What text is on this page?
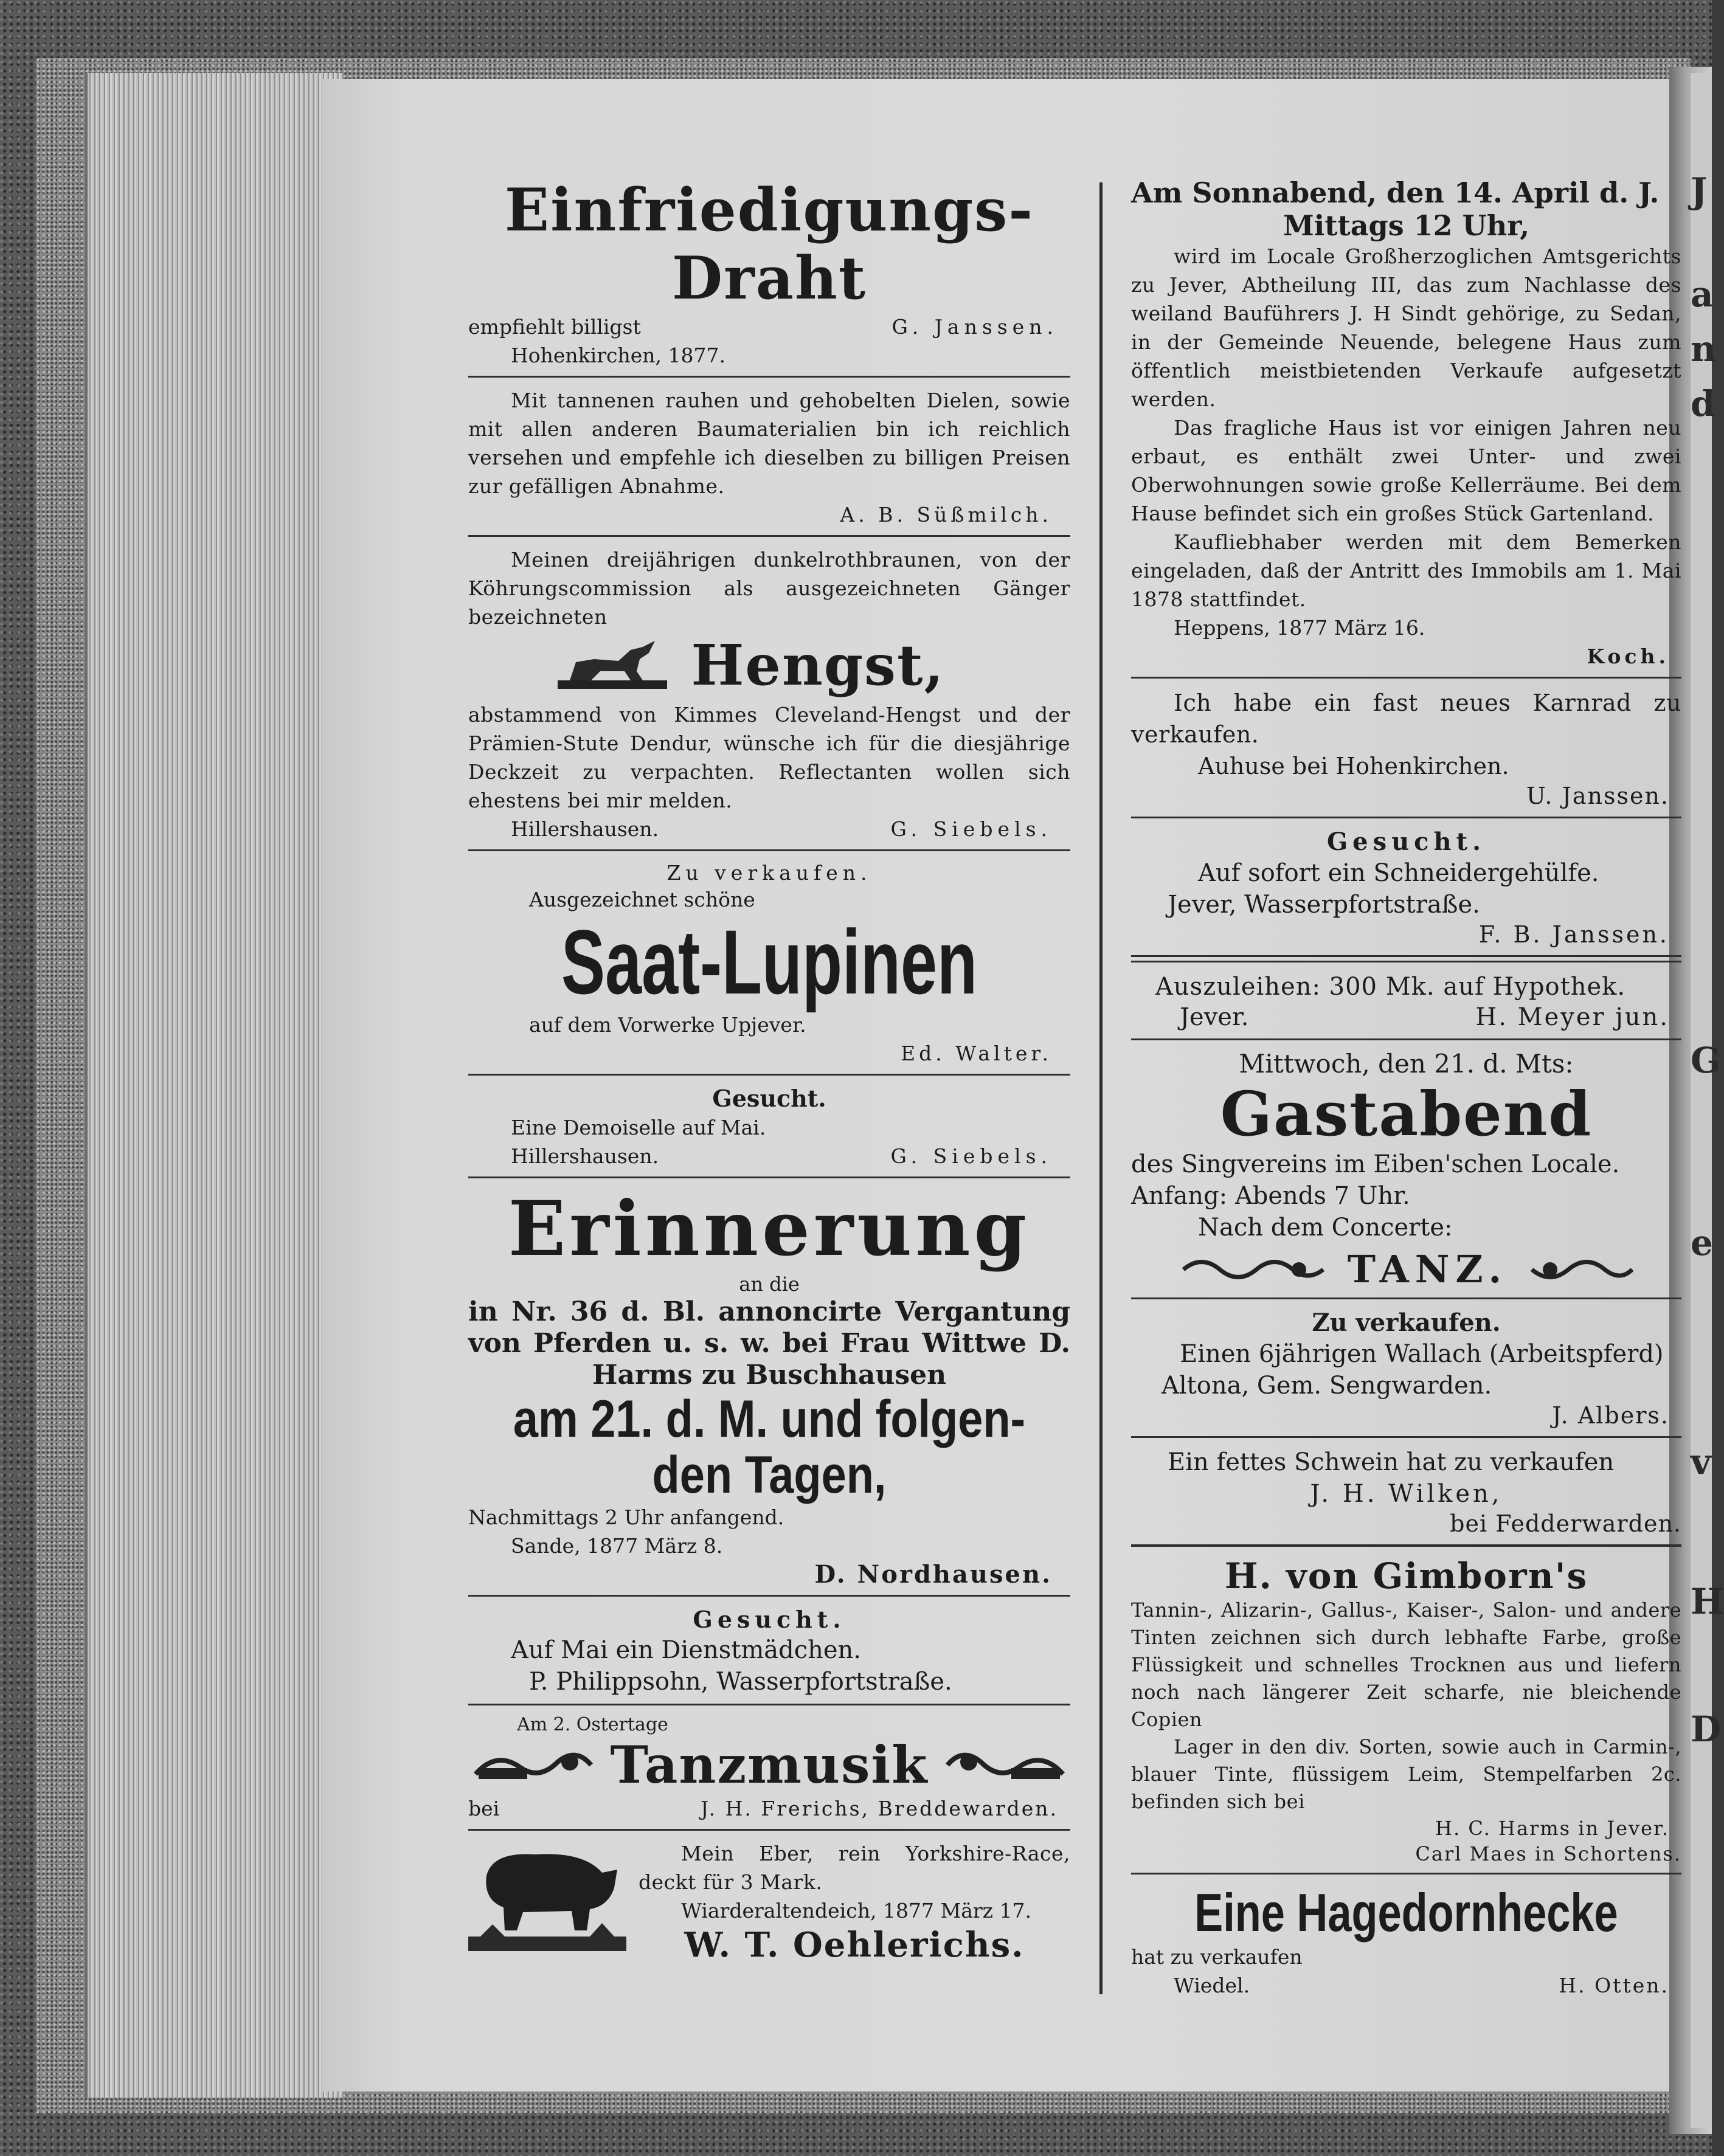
J
a
n
d
G
e
H
D
v
Einfriedigungs-
Draht
empfiehlt billigst	G. Janssen.
Hohenkirchen, 1877.
Mit tannenen rauhen und gehobelten Dielen, sowie mit allen anderen Baumaterialien bin ich reichlich versehen und empfehle ich dieselben zu billigen Preisen zur gefälligen Abnahme.
A. B. Süßmilch.
Meinen dreijährigen dunkelrothbraunen, von der Köhrungscommission als ausgezeichneten Gänger bezeichneten
Hengst,
abstammend von Kimmes Cleveland-Hengst und der Prämien-Stute Dendur, wünsche ich für die diesjährige Deckzeit zu verpachten. Reflectanten wollen sich ehestens bei mir melden.
Hillershausen.	G. Siebels.
Zu verkaufen.
Ausgezeichnet schöne
Saat-Lupinen
auf dem Vorwerke Upjever.
Ed. Walter.
Gesucht.
Eine Demoiselle auf Mai.
Hillershausen.	G. Siebels.
Erinnerung
an die
in Nr. 36 d. Bl. annoncirte Vergantung von Pferden u. s. w. bei Frau Wittwe D. Harms zu Buschhausen
am 21. d. M. und folgen-
den Tagen,
Nachmittags 2 Uhr anfangend.
Sande, 1877 März 8.
D. Nordhausen.
Gesucht.
Auf Mai ein Dienstmädchen.
P. Philippsohn, Wasserpfortstraße.
Am 2. Ostertage
Tanzmusik
bei	J. H. Frerichs, Breddewarden.
Mein Eber, rein Yorkshire-Race, deckt für 3 Mark.
Wiarderaltendeich, 1877 März 17.
W. T. Oehlerichs.
Am Sonnabend, den 14. April d. J.
Mittags 12 Uhr,
wird im Locale Großherzoglichen Amtsgerichts zu Jever, Abtheilung III, das zum Nachlasse des weiland Bauführers J. H Sindt gehörige, zu Sedan, in der Gemeinde Neuende, belegene Haus zum öffentlich meistbietenden Verkaufe aufgesetzt werden.
Das fragliche Haus ist vor einigen Jahren neu erbaut, es enthält zwei Unter- und zwei Oberwohnungen sowie große Kellerräume. Bei dem Hause befindet sich ein großes Stück Gartenland.
Kaufliebhaber werden mit dem Bemerken eingeladen, daß der Antritt des Immobils am 1. Mai 1878 stattfindet.
Heppens, 1877 März 16.
Koch.
Ich habe ein fast neues Karnrad zu verkaufen.
Auhuse bei Hohenkirchen.
U. Janssen.
Gesucht.
Auf sofort ein Schneidergehülfe.
Jever, Wasserpfortstraße.
F. B. Janssen.
Auszuleihen: 300 Mk. auf Hypothek.
Jever.	H. Meyer jun.
Mittwoch, den 21. d. Mts:
Gastabend
des Singvereins im Eiben'schen Locale.
Anfang: Abends 7 Uhr.
Nach dem Concerte:
TANZ.
Zu verkaufen.
Einen 6jährigen Wallach (Arbeitspferd)
Altona, Gem. Sengwarden.
J. Albers.
Ein fettes Schwein hat zu verkaufen
J. H. Wilken,
bei Fedderwarden.
H. von Gimborn's
Tannin-, Alizarin-, Gallus-, Kaiser-, Salon- und andere Tinten zeichnen sich durch lebhafte Farbe, große Flüssigkeit und schnelles Trocknen aus und liefern noch nach längerer Zeit scharfe, nie bleichende Copien
Lager in den div. Sorten, sowie auch in Carmin-, blauer Tinte, flüssigem Leim, Stempelfarben 2c. befinden sich bei
H. C. Harms in Jever.
Carl Maes in Schortens.
Eine Hagedornhecke
hat zu verkaufen
Wiedel.	H. Otten.
